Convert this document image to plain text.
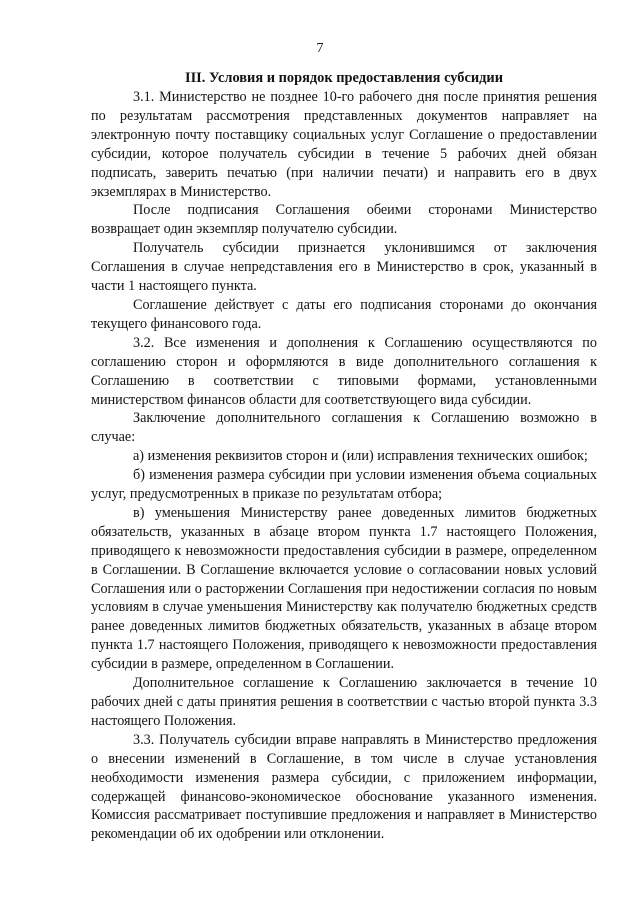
7
III. Условия и порядок предоставления субсидии

3.1. Министерство не позднее 10-го рабочего дня после принятия решения по результатам рассмотрения представленных документов направляет на электронную почту поставщику социальных услуг Соглашение о предоставлении субсидии, которое получатель субсидии в течение 5 рабочих дней обязан подписать, заверить печатью (при наличии печати) и направить его в двух экземплярах в Министерство.

После подписания Соглашения обеими сторонами Министерство возвращает один экземпляр получателю субсидии.

Получатель субсидии признается уклонившимся от заключения Соглашения в случае непредставления его в Министерство в срок, указанный в части 1 настоящего пункта.

Соглашение действует с даты его подписания сторонами до окончания текущего финансового года.

3.2. Все изменения и дополнения к Соглашению осуществляются по соглашению сторон и оформляются в виде дополнительного соглашения к Соглашению в соответствии с типовыми формами, установленными министерством финансов области для соответствующего вида субсидии.

Заключение дополнительного соглашения к Соглашению возможно в случае:

а) изменения реквизитов сторон и (или) исправления технических ошибок;

б) изменения размера субсидии при условии изменения объема социальных услуг, предусмотренных в приказе по результатам отбора;

в) уменьшения Министерству ранее доведенных лимитов бюджетных обязательств, указанных в абзаце втором пункта 1.7 настоящего Положения, приводящего к невозможности предоставления субсидии в размере, определенном в Соглашении. В Соглашение включается условие о согласовании новых условий Соглашения или о расторжении Соглашения при недостижении согласия по новым условиям в случае уменьшения Министерству как получателю бюджетных средств ранее доведенных лимитов бюджетных обязательств, указанных в абзаце втором пункта 1.7 настоящего Положения, приводящего к невозможности предоставления субсидии в размере, определенном в Соглашении.

Дополнительное соглашение к Соглашению заключается в течение 10 рабочих дней с даты принятия решения в соответствии с частью второй пункта 3.3 настоящего Положения.

3.3. Получатель субсидии вправе направлять в Министерство предложения о внесении изменений в Соглашение, в том числе в случае установления необходимости изменения размера субсидии, с приложением информации, содержащей финансово-экономическое обоснование указанного изменения. Комиссия рассматривает поступившие предложения и направляет в Министерство рекомендации об их одобрении или отклонении.
